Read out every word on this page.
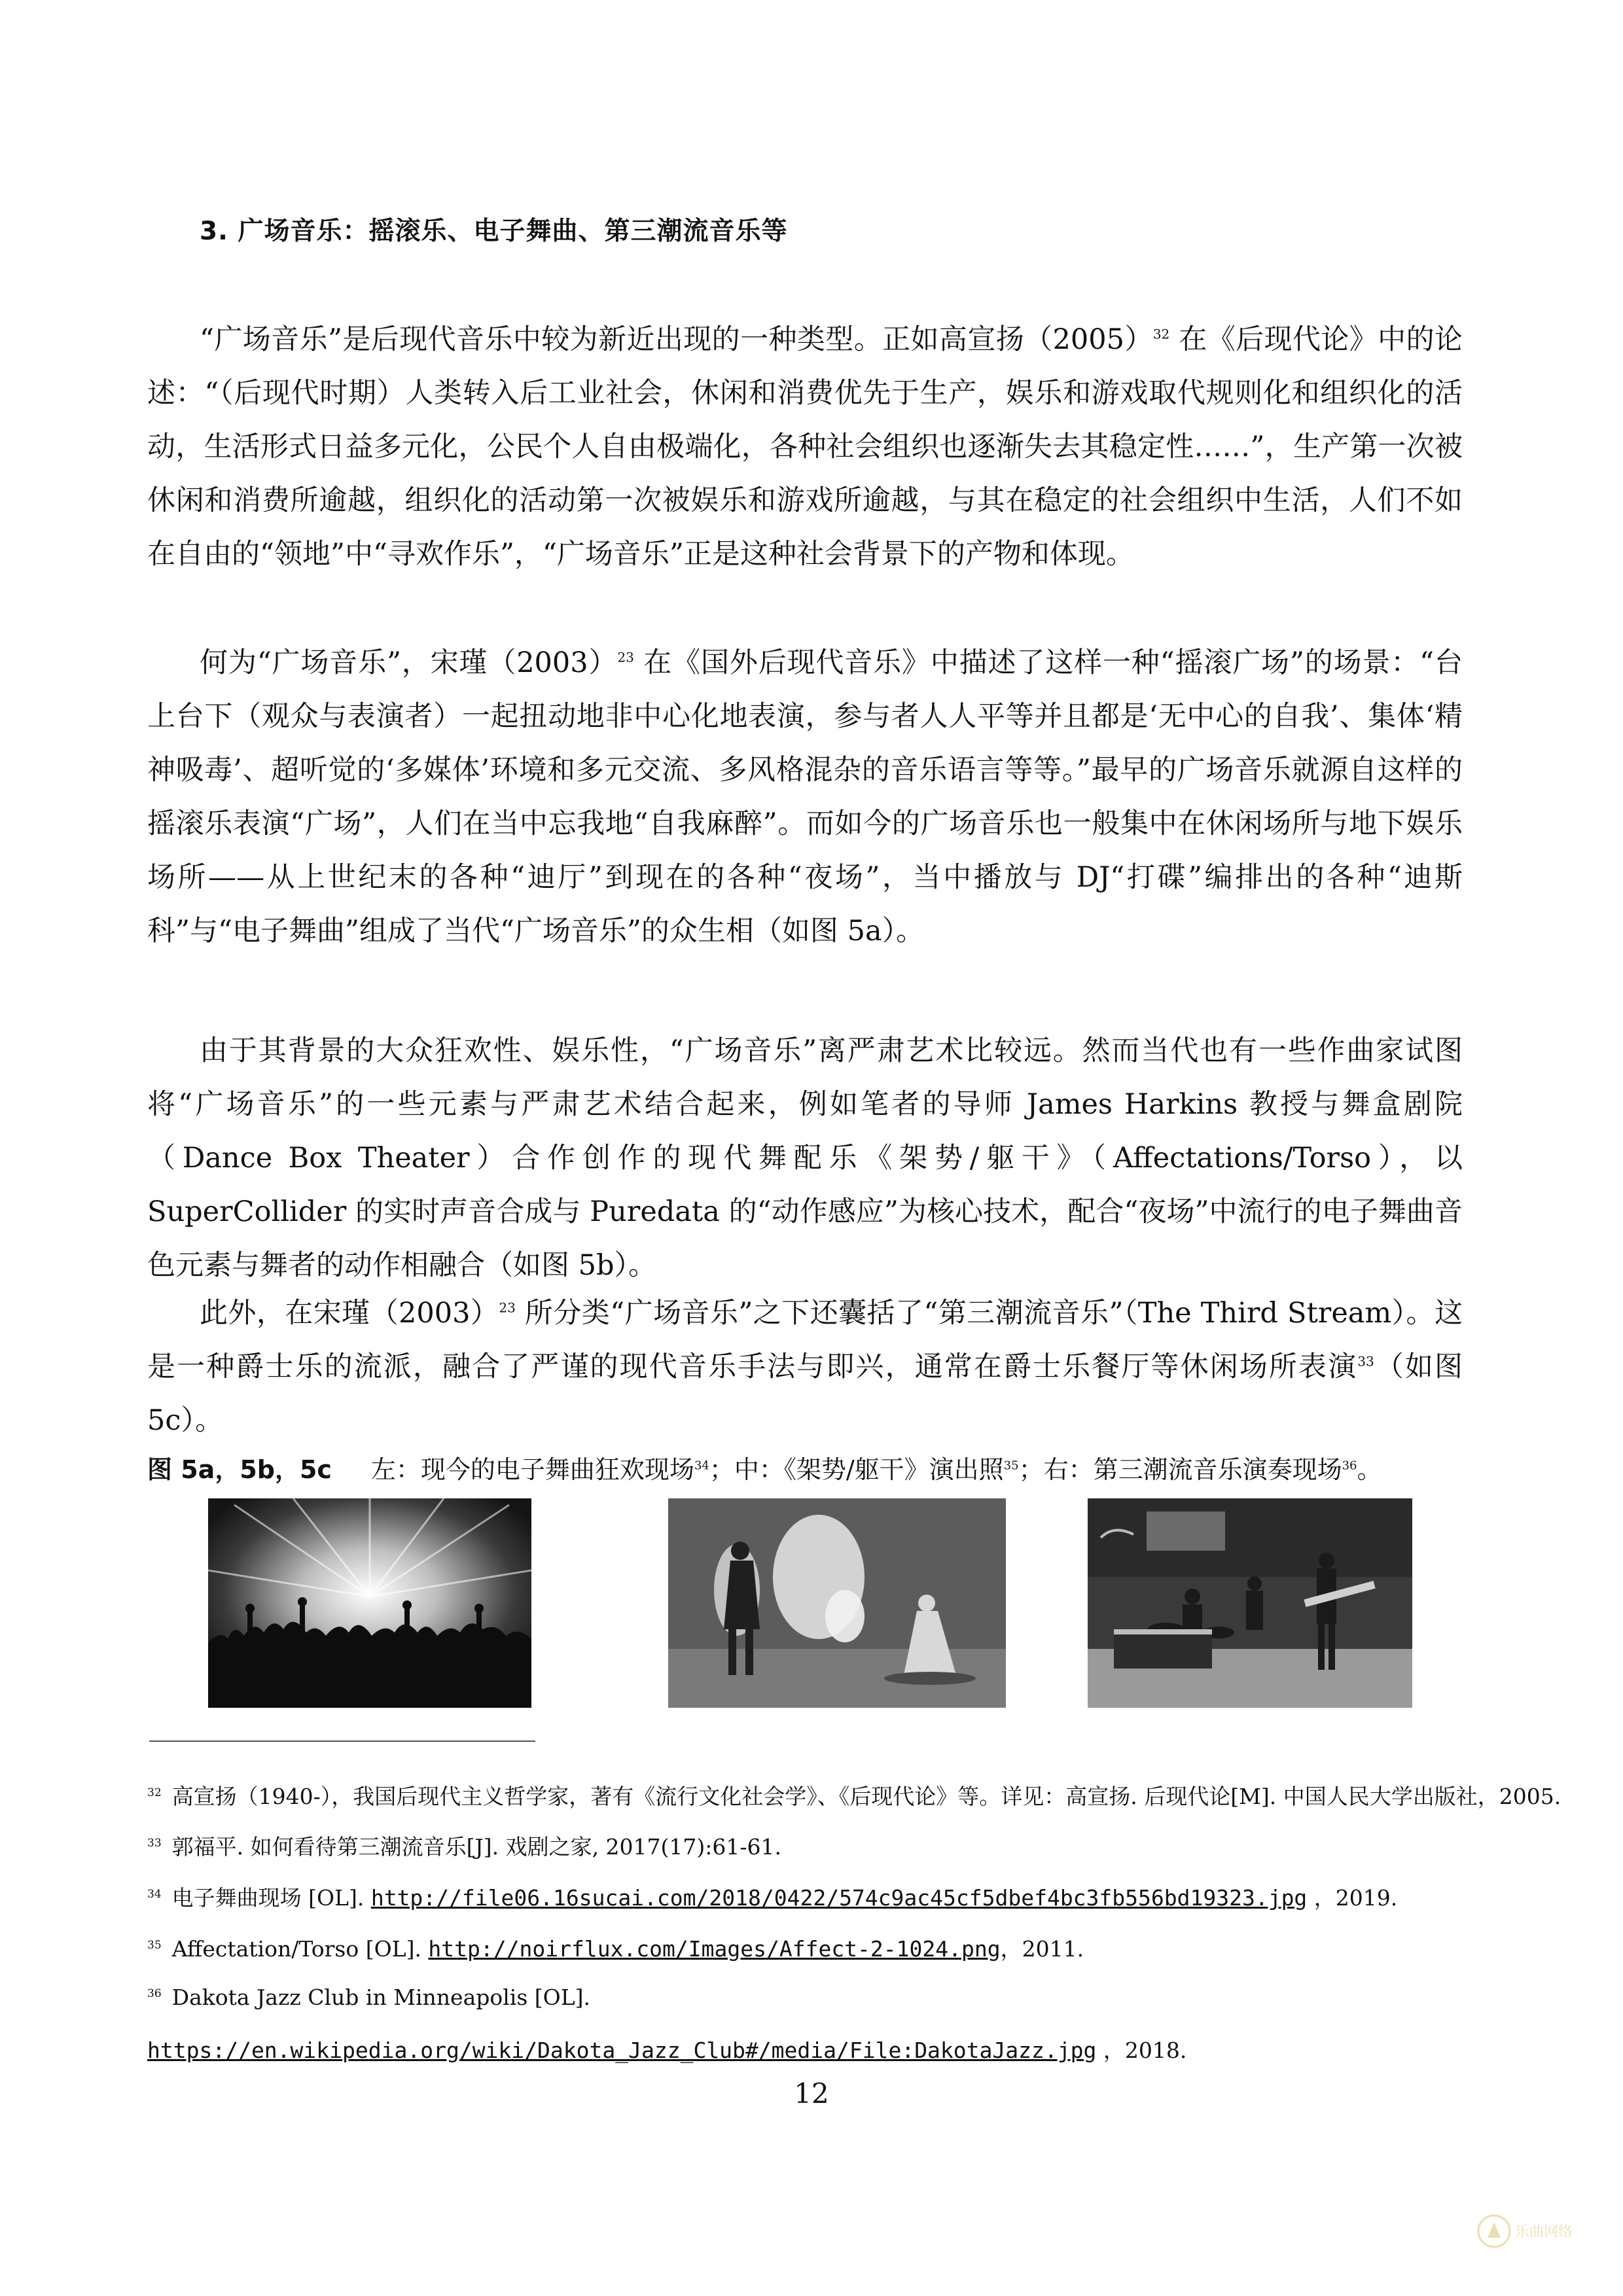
3. 广场音乐：摇滚乐、电子舞曲、第三潮流音乐等

“广场音乐”是后现代音乐中较为新近出现的一种类型。正如高宣扬$(2005)^{32}$ 在《后现代论》中的论述：“（后现代时期）人类转入后工业社会，休闲和消费优先于生产，娱乐和游戏取代规则化和组织化的活动，生活形式日益多元化，公民个人自由极端化，各种社会组织也逐渐失去其稳定性……”，生产第一次被休闲和消费所逾越，组织化的活动第一次被娱乐和游戏所逾越，与其在稳定的社会组织中生活，人们不如在自由的“领地”中“寻欢作乐”，“广场音乐”正是这种社会背景下的产物和体现。

何为“广场音乐”，宋瑾$(2003)^{23}$ 在《国外后现代音乐》中描述了这样一种“摇滚广场”的场景：“台上台下（观众与表演者）一起扭动地非中心化地表演，参与者人人平等并且都是‘无中心的自我’、集体‘精神吸毒’、超听觉的‘多媒体’环境和多元交流、多风格混杂的音乐语言等等。”最早的广场音乐就源自这样的摇滚乐表演“广场”，人们在当中忘我地“自我麻醉”。而如今的广场音乐也一般集中在休闲场所与地下娱乐场所——从上世纪末的各种“迪厅”到现在的各种“夜场”，当中播放与 DJ“打碟”编排出的各种“迪斯科”与“电子舞曲”组成了当代“广场音乐”的众生相（如图 5a）。

由于其背景的大众狂欢性、娱乐性，“广场音乐”离严肃艺术比较远。然而当代也有一些作曲家试图将“广场音乐”的一些元素与严肃艺术结合起来，例如笔者的导师 James Harkins 教授与舞盒剧院（Dance Box Theater）合作创作的现代舞配乐《架势/躯干》（Affectations/Torso），以 SuperCollider 的实时声音合成与 Puredata 的“动作感应”为核心技术，配合“夜场”中流行的电子舞曲音色元素与舞者的动作相融合（如图 5b）。

此外，在宋瑾$(2003)^{23}$ 所分类“广场音乐”之下还囊括了“第三潮流音乐”（The Third Stream）。这是一种爵士乐的流派，融合了严谨的现代音乐手法与即兴，通常在爵士乐餐厅等休闲场所表演$^{33}$（如图 5c）。

图 5a，5b，5c 左：现今的电子舞曲狂欢现场$^{34}$；中：《架势/躯干》演出照$^{35}$；右：第三潮流音乐演奏现场$^{36}$。
$^{32}$ 高宣扬（1940-），我国后现代主义哲学家，著有《流行文化社会学》、《后现代论》等。详见：高宣扬. 后现代论[M]. 中国人民大学出版社，2005.
$^{33}$ 郭福平. 如何看待第三潮流音乐[J]. 戏剧之家, 2017(17):61-61.
$^{34}$ 电子舞曲现场 [OL]. http://file06.16sucai.com/2018/0422/574c9ac45cf5dbef4bc3fb556bd19323.jpg ，2019.
$^{35}$ Affectation/Torso [OL]. http://noirflux.com/Images/Affect-2-1024.png，2011.
$^{36}$ Dakota Jazz Club in Minneapolis [OL].
https://en.wikipedia.org/wiki/Dakota_Jazz_Club#/media/File:DakotaJazz.jpg ，2018.
12
乐曲网络
